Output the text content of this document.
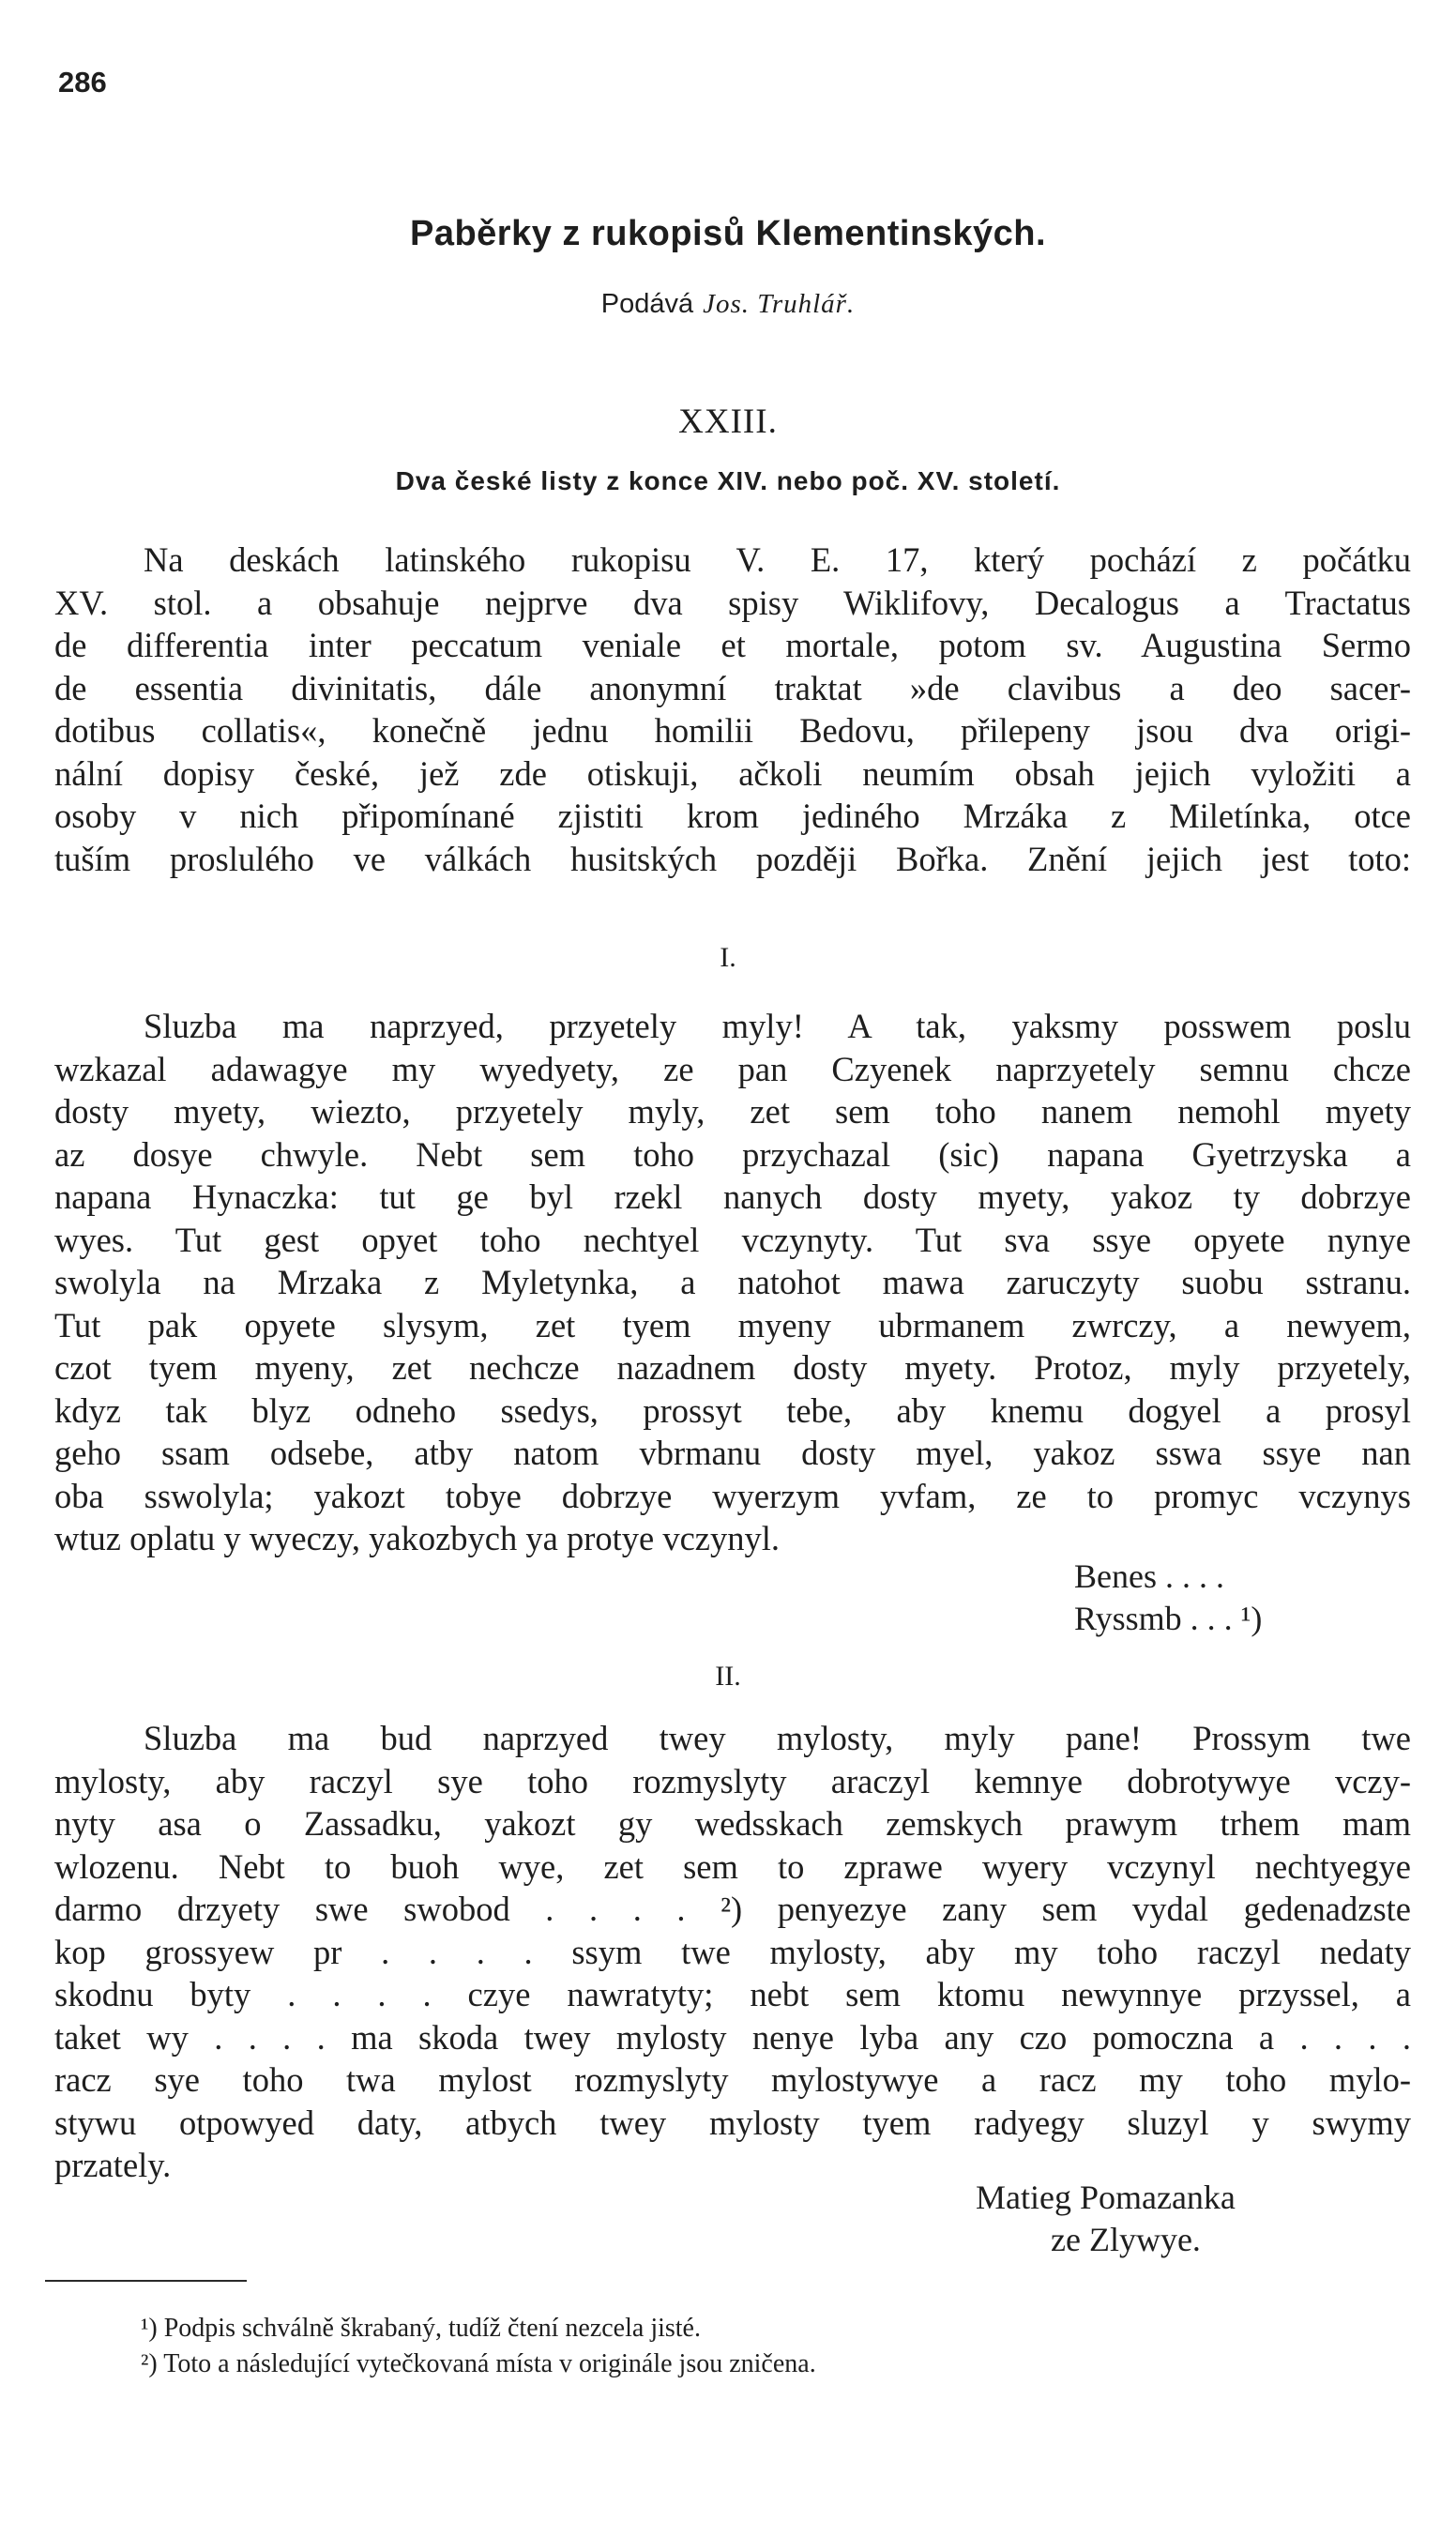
286
Paběrky z rukopisů Klementinských.
Podává Jos. Truhlář.
XXIII.
Dva české listy z konce XIV. nebo poč. XV. století.
Na deskách latinského rukopisu V. E. 17, který pochází z počátku
XV. stol. a obsahuje nejprve dva spisy Wiklifovy, Decalogus a Tractatus
de differentia inter peccatum veniale et mortale, potom sv. Augustina Sermo
de essentia divinitatis, dále anonymní traktat »de clavibus a deo sacer-
dotibus collatis«, konečně jednu homilii Bedovu, přilepeny jsou dva origi-
nální dopisy české, jež zde otiskuji, ačkoli neumím obsah jejich vyložiti a
osoby v nich připomínané zjistiti krom jediného Mrzáka z Miletínka, otce
tuším proslulého ve válkách husitských později Bořka. Znění jejich jest toto:
I.
Sluzba ma naprzyed, przyetely myly! A tak, yaksmy posswem poslu
wzkazal adawagye my wyedyety, ze pan Czyenek naprzyetely semnu chcze
dosty myety, wiezto, przyetely myly, zet sem toho nanem nemohl myety
az dosye chwyle. Nebt sem toho przychazal (sic) napana Gyetrzyska a
napana Hynaczka: tut ge byl rzekl nanych dosty myety, yakoz ty dobrzye
wyes. Tut gest opyet toho nechtyel vczynyty. Tut sva ssye opyete nynye
swolyla na Mrzaka z Myletynka, a natohot mawa zaruczyty suobu sstranu.
Tut pak opyete slysym, zet tyem myeny ubrmanem zwrczy, a newyem,
czot tyem myeny, zet nechcze nazadnem dosty myety. Protoz, myly przyetely,
kdyz tak blyz odneho ssedys, prossyt tebe, aby knemu dogyel a prosyl
geho ssam odsebe, atby natom vbrmanu dosty myel, yakoz sswa ssye nan
oba sswolyla; yakozt tobye dobrzye wyerzym yvfam, ze to promyc vczynys
wtuz oplatu y wyeczy, yakozbych ya protye vczynyl.
Benes . . . .
Ryssmb . . . ¹)
II.
Sluzba ma bud naprzyed twey mylosty, myly pane! Prossym twe
mylosty, aby raczyl sye toho rozmyslyty araczyl kemnye dobrotywye vczy-
nyty asa o Zassadku, yakozt gy wedsskach zemskych prawym trhem mam
wlozenu. Nebt to buoh wye, zet sem to zprawe wyery vczynyl nechtyegye
darmo drzyety swe swobod . . . . ²) penyezye zany sem vydal gedenadzste
kop grossyew pr . . . . ssym twe mylosty, aby my toho raczyl nedaty
skodnu byty . . . . czye nawratyty; nebt sem ktomu newynnye przyssel, a
taket wy . . . . ma skoda twey mylosty nenye lyba any czo pomoczna a . . . .
racz sye toho twa mylost rozmyslyty mylostywye a racz my toho mylo-
stywu otpowyed daty, atbych twey mylosty tyem radyegy sluzyl y swymy
przately.
Matieg Pomazanka
ze Zlywye.
¹) Podpis schválně škrabaný, tudíž čtení nezcela jisté.
²) Toto a následující vytečkovaná místa v originále jsou zničena.
